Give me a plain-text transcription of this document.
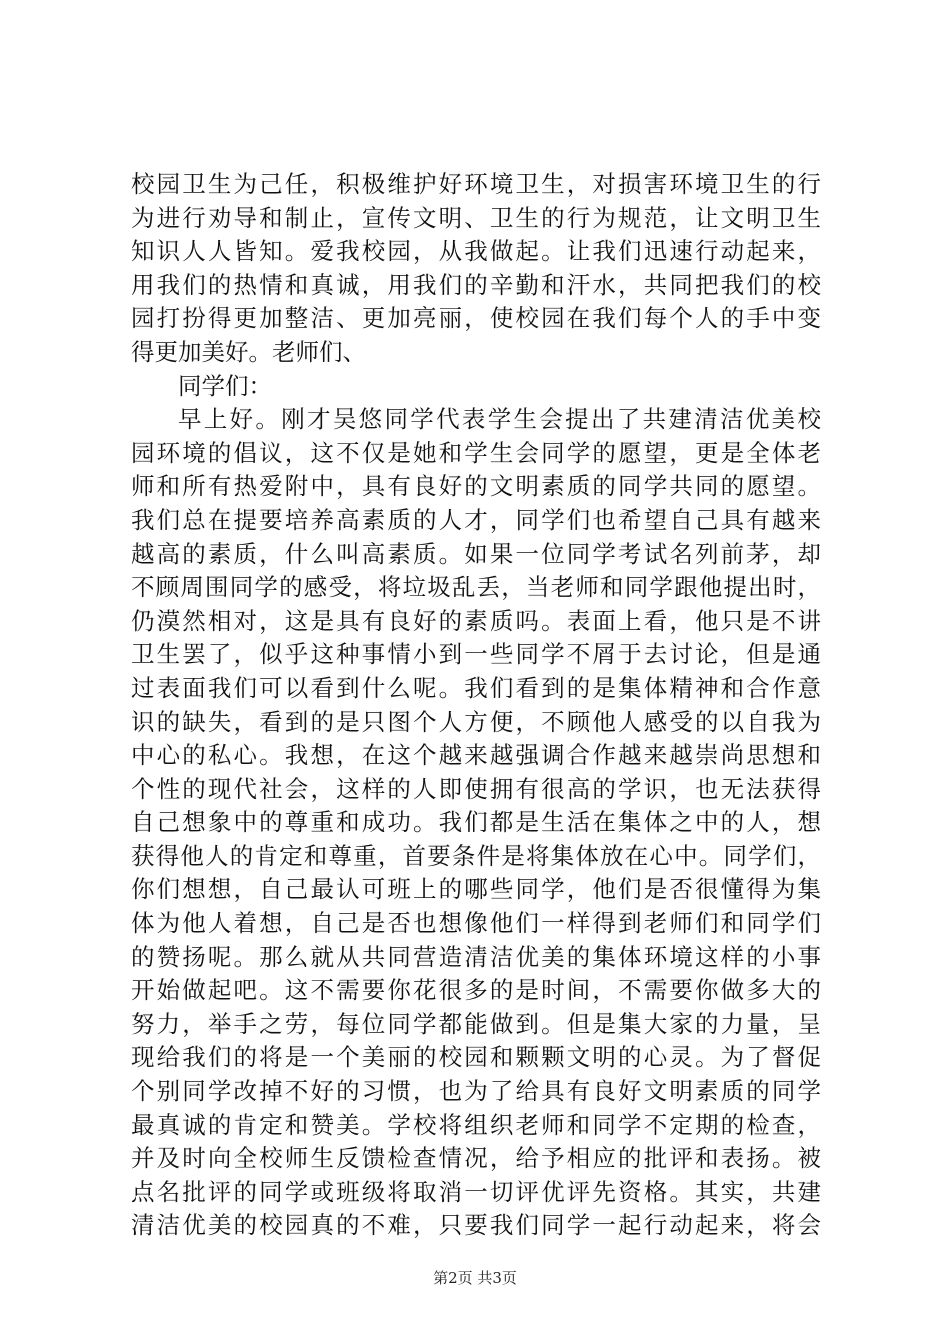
校园卫生为己任，积极维护好环境卫生，对损害环境卫生的行
为进行劝导和制止，宣传文明、卫生的行为规范，让文明卫生
知识人人皆知。爱我校园，从我做起。让我们迅速行动起来，
用我们的热情和真诚，用我们的辛勤和汗水，共同把我们的校
园打扮得更加整洁、更加亮丽，使校园在我们每个人的手中变
得更加美好。老师们、
同学们：
早上好。刚才吴悠同学代表学生会提出了共建清洁优美校
园环境的倡议，这不仅是她和学生会同学的愿望，更是全体老
师和所有热爱附中，具有良好的文明素质的同学共同的愿望。
我们总在提要培养高素质的人才，同学们也希望自己具有越来
越高的素质，什么叫高素质。如果一位同学考试名列前茅，却
不顾周围同学的感受，将垃圾乱丢，当老师和同学跟他提出时，
仍漠然相对，这是具有良好的素质吗。表面上看，他只是不讲
卫生罢了，似乎这种事情小到一些同学不屑于去讨论，但是通
过表面我们可以看到什么呢。我们看到的是集体精神和合作意
识的缺失，看到的是只图个人方便，不顾他人感受的以自我为
中心的私心。我想，在这个越来越强调合作越来越崇尚思想和
个性的现代社会，这样的人即使拥有很高的学识，也无法获得
自己想象中的尊重和成功。我们都是生活在集体之中的人，想
获得他人的肯定和尊重，首要条件是将集体放在心中。同学们，
你们想想，自己最认可班上的哪些同学，他们是否很懂得为集
体为他人着想，自己是否也想像他们一样得到老师们和同学们
的赞扬呢。那么就从共同营造清洁优美的集体环境这样的小事
开始做起吧。这不需要你花很多的是时间，不需要你做多大的
努力，举手之劳，每位同学都能做到。但是集大家的力量，呈
现给我们的将是一个美丽的校园和颗颗文明的心灵。为了督促
个别同学改掉不好的习惯，也为了给具有良好文明素质的同学
最真诚的肯定和赞美。学校将组织老师和同学不定期的检查，
并及时向全校师生反馈检查情况，给予相应的批评和表扬。被
点名批评的同学或班级将取消一切评优评先资格。其实，共建
清洁优美的校园真的不难，只要我们同学一起行动起来，将会
第2页 共3页
